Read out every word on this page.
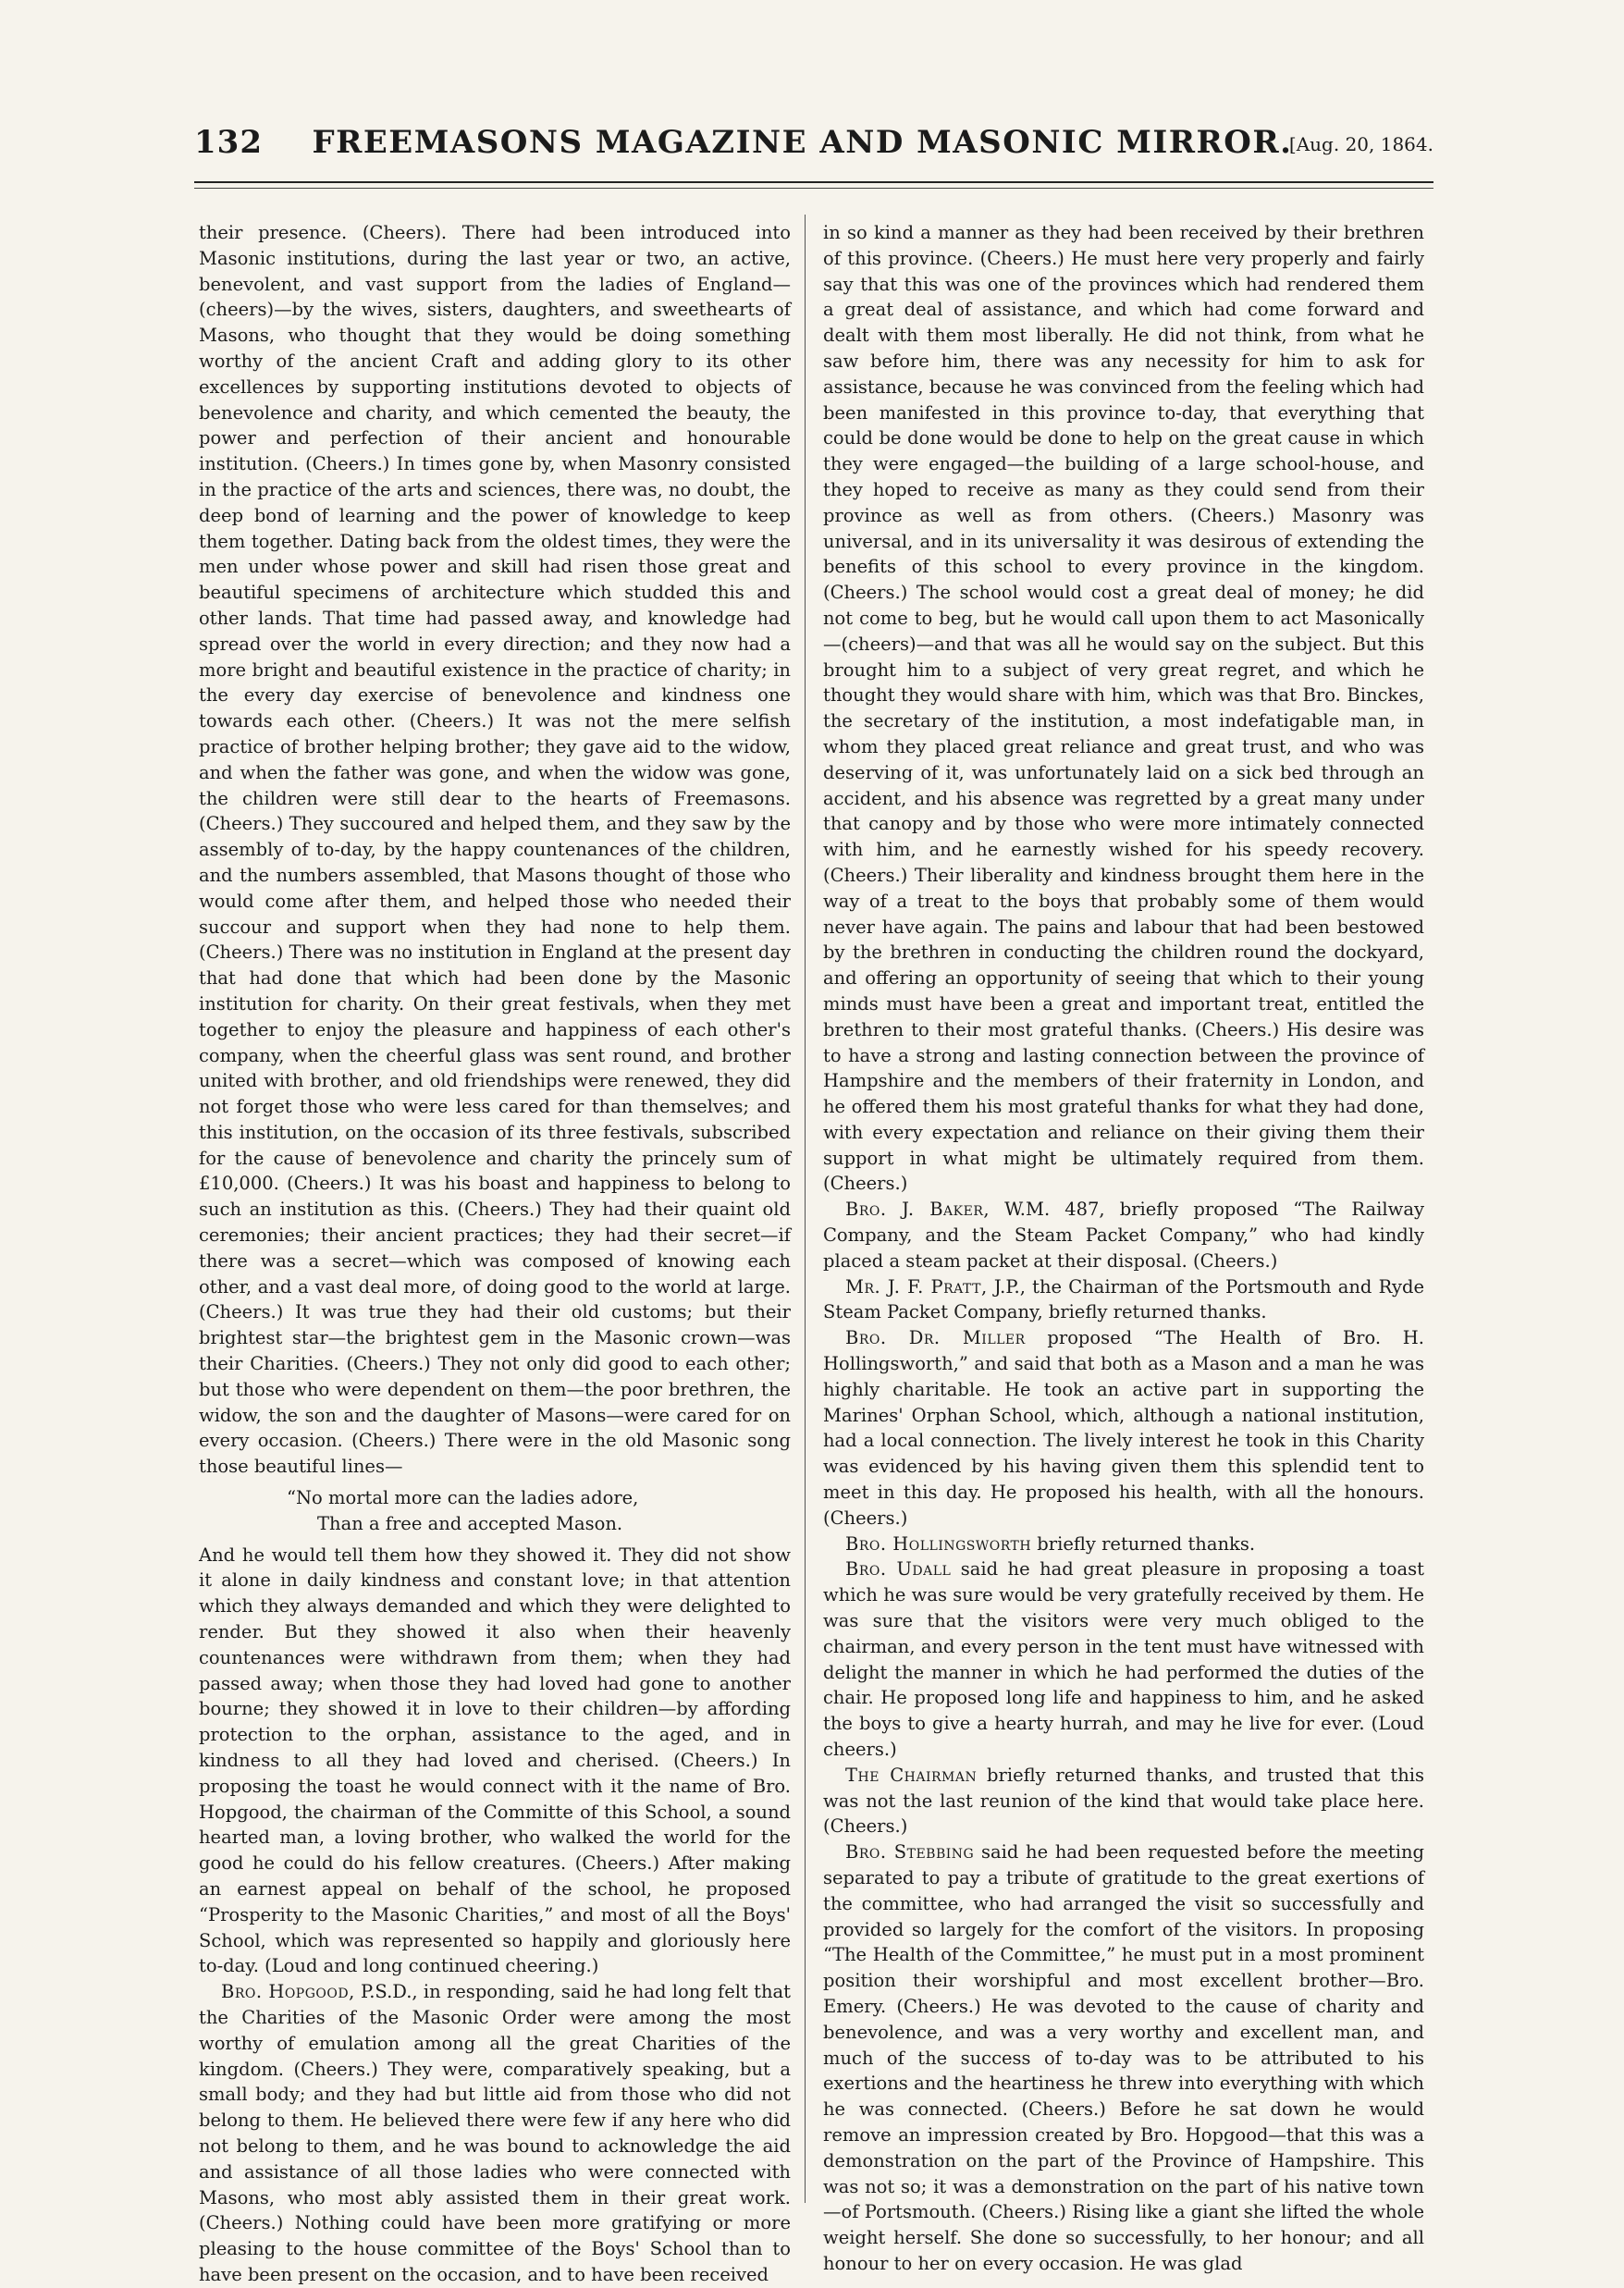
132	FREEMASONS MAGAZINE AND MASONIC MIRROR.
[Aug. 20, 1864.

their presence. (Cheers). There had been introduced into Masonic institutions, during the last year or two, an active, benevolent, and vast support from the ladies of England—(cheers)—by the wives, sisters, daughters, and sweethearts of Masons, who thought that they would be doing something worthy of the ancient Craft and adding glory to its other excellences by supporting institutions devoted to objects of benevolence and charity, and which cemented the beauty, the power and perfection of their ancient and honourable institution. (Cheers.) In times gone by, when Masonry consisted in the practice of the arts and sciences, there was, no doubt, the deep bond of learning and the power of knowledge to keep them together. Dating back from the oldest times, they were the men under whose power and skill had risen those great and beautiful specimens of architecture which studded this and other lands. That time had passed away, and knowledge had spread over the world in every direction; and they now had a more bright and beautiful existence in the practice of charity; in the every day exercise of benevolence and kindness one towards each other. (Cheers.) It was not the mere selfish practice of brother helping brother; they gave aid to the widow, and when the father was gone, and when the widow was gone, the children were still dear to the hearts of Freemasons. (Cheers.) They succoured and helped them, and they saw by the assembly of to-day, by the happy countenances of the children, and the numbers assembled, that Masons thought of those who would come after them, and helped those who needed their succour and support when they had none to help them. (Cheers.) There was no institution in England at the present day that had done that which had been done by the Masonic institution for charity. On their great festivals, when they met together to enjoy the pleasure and happiness of each other's company, when the cheerful glass was sent round, and brother united with brother, and old friendships were renewed, they did not forget those who were less cared for than themselves; and this institution, on the occasion of its three festivals, subscribed for the cause of benevolence and charity the princely sum of £10,000. (Cheers.) It was his boast and happiness to belong to such an institution as this. (Cheers.) They had their quaint old ceremonies; their ancient practices; they had their secret—if there was a secret—which was composed of knowing each other, and a vast deal more, of doing good to the world at large. (Cheers.) It was true they had their old customs; but their brightest star—the brightest gem in the Masonic crown—was their Charities. (Cheers.) They not only did good to each other; but those who were dependent on them—the poor brethren, the widow, the son and the daughter of Masons—were cared for on every occasion. (Cheers.) There were in the old Masonic song those beautiful lines—

“No mortal more can the ladies adore,
Than a free and accepted Mason.

And he would tell them how they showed it. They did not show it alone in daily kindness and constant love; in that attention which they always demanded and which they were delighted to render. But they showed it also when their heavenly countenances were withdrawn from them; when they had passed away; when those they had loved had gone to another bourne; they showed it in love to their children—by affording protection to the orphan, assistance to the aged, and in kindness to all they had loved and cherised. (Cheers.) In proposing the toast he would connect with it the name of Bro. Hopgood, the chairman of the Committe of this School, a sound hearted man, a loving brother, who walked the world for the good he could do his fellow creatures. (Cheers.) After making an earnest appeal on behalf of the school, he proposed “Prosperity to the Masonic Charities,” and most of all the Boys' School, which was represented so happily and gloriously here to-day. (Loud and long continued cheering.)

Bro. Hopgood, P.S.D., in responding, said he had long felt that the Charities of the Masonic Order were among the most worthy of emulation among all the great Charities of the kingdom. (Cheers.) They were, comparatively speaking, but a small body; and they had but little aid from those who did not belong to them. He believed there were few if any here who did not belong to them, and he was bound to acknowledge the aid and assistance of all those ladies who were connected with Masons, who most ably assisted them in their great work. (Cheers.) Nothing could have been more gratifying or more pleasing to the house committee of the Boys' School than to have been present on the occasion, and to have been received

in so kind a manner as they had been received by their brethren of this province. (Cheers.) He must here very properly and fairly say that this was one of the provinces which had rendered them a great deal of assistance, and which had come forward and dealt with them most liberally. He did not think, from what he saw before him, there was any necessity for him to ask for assistance, because he was convinced from the feeling which had been manifested in this province to-day, that everything that could be done would be done to help on the great cause in which they were engaged—the building of a large school-house, and they hoped to receive as many as they could send from their province as well as from others. (Cheers.) Masonry was universal, and in its universality it was desirous of extending the benefits of this school to every province in the kingdom. (Cheers.) The school would cost a great deal of money; he did not come to beg, but he would call upon them to act Masonically—(cheers)—and that was all he would say on the subject. But this brought him to a subject of very great regret, and which he thought they would share with him, which was that Bro. Binckes, the secretary of the institution, a most indefatigable man, in whom they placed great reliance and great trust, and who was deserving of it, was unfortunately laid on a sick bed through an accident, and his absence was regretted by a great many under that canopy and by those who were more intimately connected with him, and he earnestly wished for his speedy recovery. (Cheers.) Their liberality and kindness brought them here in the way of a treat to the boys that probably some of them would never have again. The pains and labour that had been bestowed by the brethren in conducting the children round the dockyard, and offering an opportunity of seeing that which to their young minds must have been a great and important treat, entitled the brethren to their most grateful thanks. (Cheers.) His desire was to have a strong and lasting connection between the province of Hampshire and the members of their fraternity in London, and he offered them his most grateful thanks for what they had done, with every expectation and reliance on their giving them their support in what might be ultimately required from them. (Cheers.)

Bro. J. Baker, W.M. 487, briefly proposed “The Railway Company, and the Steam Packet Company,” who had kindly placed a steam packet at their disposal. (Cheers.)

Mr. J. F. Pratt, J.P., the Chairman of the Portsmouth and Ryde Steam Packet Company, briefly returned thanks.

Bro. Dr. Miller proposed “The Health of Bro. H. Hollingsworth,” and said that both as a Mason and a man he was highly charitable. He took an active part in supporting the Marines' Orphan School, which, although a national institution, had a local connection. The lively interest he took in this Charity was evidenced by his having given them this splendid tent to meet in this day. He proposed his health, with all the honours. (Cheers.)

Bro. Hollingsworth briefly returned thanks.

Bro. Udall said he had great pleasure in proposing a toast which he was sure would be very gratefully received by them. He was sure that the visitors were very much obliged to the chairman, and every person in the tent must have witnessed with delight the manner in which he had performed the duties of the chair. He proposed long life and happiness to him, and he asked the boys to give a hearty hurrah, and may he live for ever. (Loud cheers.)

The Chairman briefly returned thanks, and trusted that this was not the last reunion of the kind that would take place here. (Cheers.)

Bro. Stebbing said he had been requested before the meeting separated to pay a tribute of gratitude to the great exertions of the committee, who had arranged the visit so successfully and provided so largely for the comfort of the visitors. In proposing “The Health of the Committee,” he must put in a most prominent position their worshipful and most excellent brother—Bro. Emery. (Cheers.) He was devoted to the cause of charity and benevolence, and was a very worthy and excellent man, and much of the success of to-day was to be attributed to his exertions and the heartiness he threw into everything with which he was connected. (Cheers.) Before he sat down he would remove an impression created by Bro. Hopgood—that this was a demonstration on the part of the Province of Hampshire. This was not so; it was a demonstration on the part of his native town—of Portsmouth. (Cheers.) Rising like a giant she lifted the whole weight herself. She done so successfully, to her honour; and all honour to her on every occasion. He was glad
